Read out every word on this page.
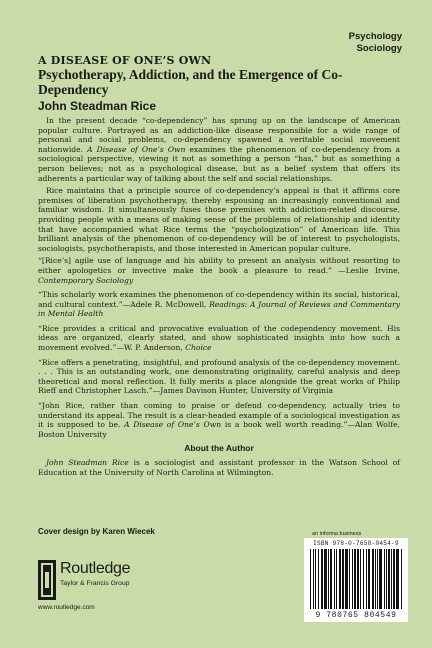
Psychology
Sociology
A DISEASE OF ONE’S OWN
Psychotherapy, Addiction, and the Emergence of Co-Dependency
John Steadman Rice

In the present decade “co-dependency” has sprung up on the landscape of American popular culture. Portrayed as an addiction-like disease responsible for a wide range of personal and social problems, co-dependency spawned a veritable social movement nationwide. A Disease of One’s Own examines the phenomenon of co-dependency from a sociological perspective, viewing it not as something a person “has,” but as something a person believes; not as a psychological disease, but as a belief system that offers its adherents a particular way of talking about the self and social relationships.

Rice maintains that a principle source of co-dependency’s appeal is that it affirms core premises of liberation psychotherapy, thereby espousing an increasingly conventional and familiar wisdom. It simultaneously fuses those premises with addiction-related discourse, providing people with a means of making sense of the problems of relationship and identity that have accompanied what Rice terms the “psychologization” of American life. This brilliant analysis of the phenomenon of co-dependency will be of interest to psychologists, sociologists, psychotherapists, and those interested in American popular culture.

“[Rice’s] agile use of language and his ability to present an analysis without resorting to either apologetics or invective make the book a pleasure to read.” —Leslie Irvine, Contemporary Sociology

“This scholarly work examines the phenomenon of co-dependency within its social, historical, and cultural context.”—Adele R. McDowell, Readings: A Journal of Reviews and Commentary in Mental Health

“Rice provides a critical and provocative evaluation of the codependency movement. His ideas are organized, clearly stated, and show sophisticated insights into how such a movement evolved.”—W. P. Anderson, Choice

“Rice offers a penetrating, insightful, and profound analysis of the co-dependency movement. . . . This is an outstanding work, one demonstrating originality, careful analysis and deep theoretical and moral reflection. It fully merits a place alongside the great works of Philip Rieff and Christopher Lasch.”—James Davison Hunter, University of Virginia

“John Rice, rather than coming to praise or defend co-dependency, actually tries to understand its appeal. The result is a clear-headed example of a sociological investigation as it is supposed to be. A Disease of One’s Own is a book well worth reading.”—Alan Wolfe, Boston University

About the Author

John Steadman Rice is a sociologist and assistant professor in the Watson School of Education at the University of North Carolina at Wilmington.

Cover design by Karen Wiecek	an informa business
ISBN 978-0-7658-0454-9
9 780765 804549
Routledge
Taylor & Francis Group
www.routledge.com
